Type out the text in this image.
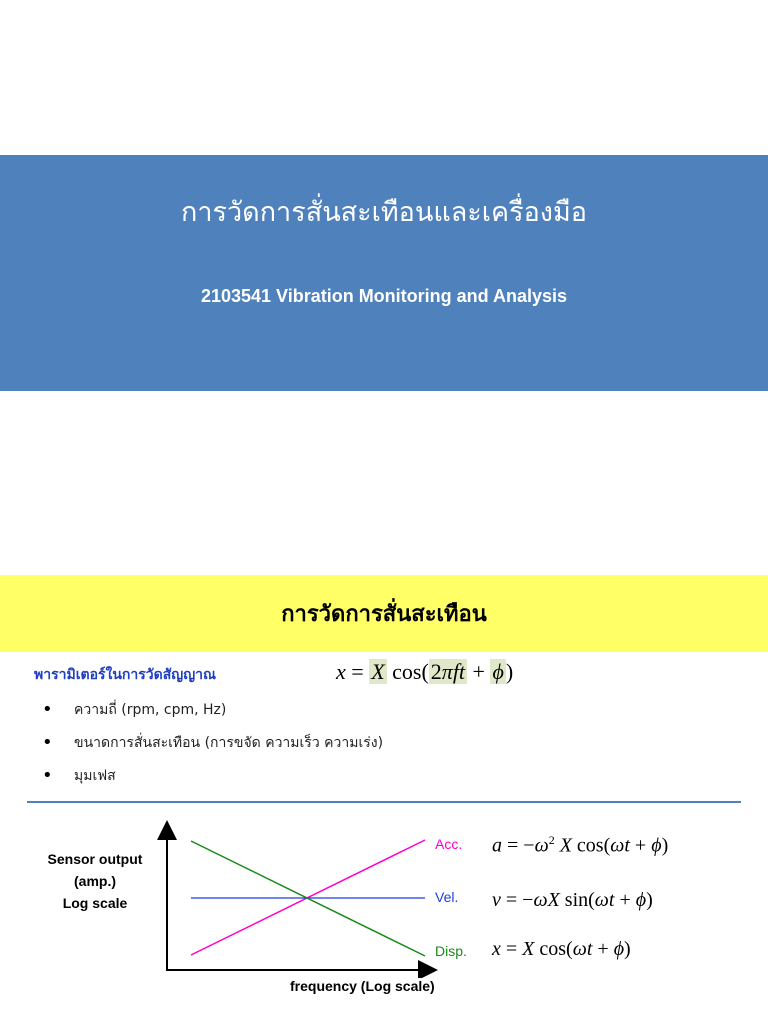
การวัดการสั่นสะเทือนและเครื่องมือ
2103541 Vibration Monitoring and Analysis
การวัดการสั่นสะเทือน
พารามิเตอร์ในการวัดสัญญาณ	x = X cos(2πft + ϕ)
• ความถี่ (rpm, cpm, Hz)
• ขนาดการสั่นสะเทือน (การขจัด ความเร็ว ความเร่ง)
• มุมเฟส
Sensor output
(amp.)
Log scale
Acc.
Vel.
Disp.
frequency (Log scale)
$a = -\omega^2$ X cos(ωt + ϕ)
v = −ωX sin(ωt + ϕ)
x = X cos(ωt + ϕ)
